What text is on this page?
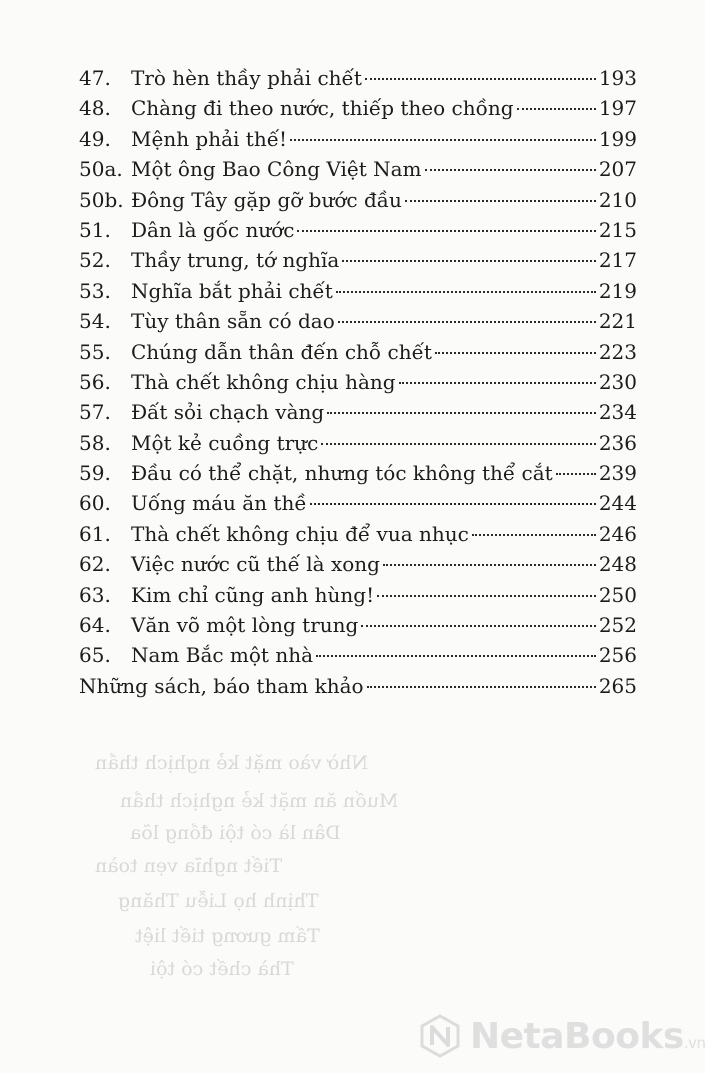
Nhờ vào mặt kẻ nghịch thần
Muốn ăn mặt kẻ nghịch thần
Dân là có tội đồng lõa
Tiết nghĩa vẹn toàn
Thịnh họ Liễu Thăng
Tấm gương tiết liệt
Thà chết có tội
47.	Trò hèn thầy phải chết	193
48.	Chàng đi theo nước, thiếp theo chồng	197
49.	Mệnh phải thế!	199
50a. Một ông Bao Công Việt Nam	207
50b. Đông Tây gặp gỡ bước đầu	210
51.	Dân là gốc nước	215
52.	Thầy trung, tớ nghĩa	217
53.	Nghĩa bắt phải chết	219
54.	Tùy thân sẵn có dao	221
55.	Chúng dẫn thân đến chỗ chết	223
56.	Thà chết không chịu hàng	230
57.	Đất sỏi chạch vàng	234
58.	Một kẻ cuồng trực	236
59.	Đầu có thể chặt, nhưng tóc không thể cắt 239
60.	Uống máu ăn thề	244
61.	Thà chết không chịu để vua nhục	246
62.	Việc nước cũ thế là xong	248
63.	Kim chỉ cũng anh hùng!	250
64.	Văn võ một lòng trung	252
65.	Nam Bắc một nhà	256
Những sách, báo tham khảo	265
NetaBooks.vn
